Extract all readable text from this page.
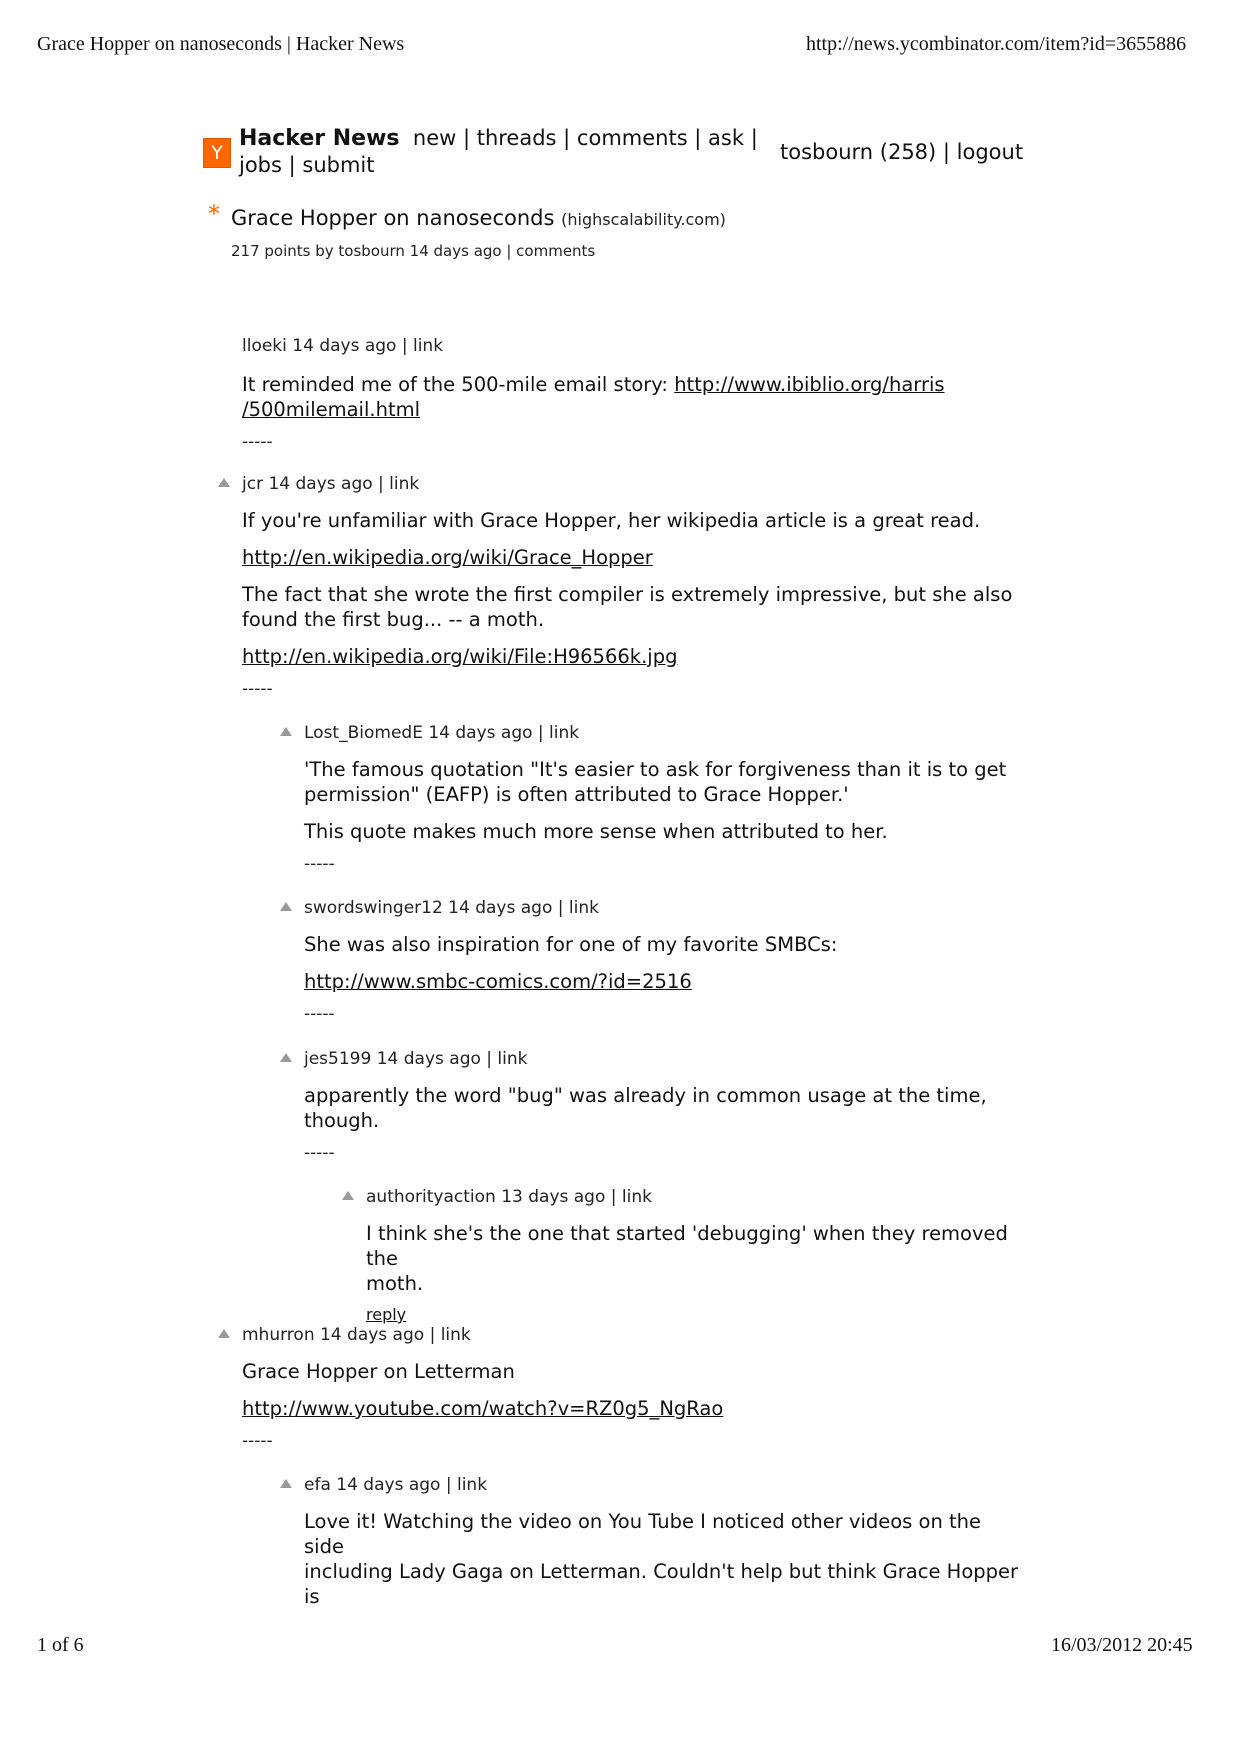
Grace Hopper on nanoseconds | Hacker News	http://news.ycombinator.com/item?id=3655886
Y
Hacker News new | threads | comments | ask |
jobs | submit
tosbourn (258) | logout
* Grace Hopper on nanoseconds (highscalability.com)
217 points by tosbourn 14 days ago | comments
lloeki 14 days ago | link
It reminded me of the 500-mile email story: http://www.ibiblio.org/harris
/500milemail.html
-----
jcr 14 days ago | link
If you're unfamiliar with Grace Hopper, her wikipedia article is a great read.
http://en.wikipedia.org/wiki/Grace_Hopper
The fact that she wrote the first compiler is extremely impressive, but she also
found the first bug... -- a moth.
http://en.wikipedia.org/wiki/File:H96566k.jpg
-----
Lost_BiomedE 14 days ago | link
'The famous quotation "It's easier to ask for forgiveness than it is to get
permission" (EAFP) is often attributed to Grace Hopper.'
This quote makes much more sense when attributed to her.
-----
swordswinger12 14 days ago | link
She was also inspiration for one of my favorite SMBCs:
http://www.smbc-comics.com/?id=2516
-----
jes5199 14 days ago | link
apparently the word "bug" was already in common usage at the time,
though.
-----
authorityaction 13 days ago | link
I think she's the one that started 'debugging' when they removed the
moth.
reply
mhurron 14 days ago | link
Grace Hopper on Letterman
http://www.youtube.com/watch?v=RZ0g5_NgRao
-----
efa 14 days ago | link
Love it! Watching the video on You Tube I noticed other videos on the side
including Lady Gaga on Letterman. Couldn't help but think Grace Hopper is
1 of 6	16/03/2012 20:45
